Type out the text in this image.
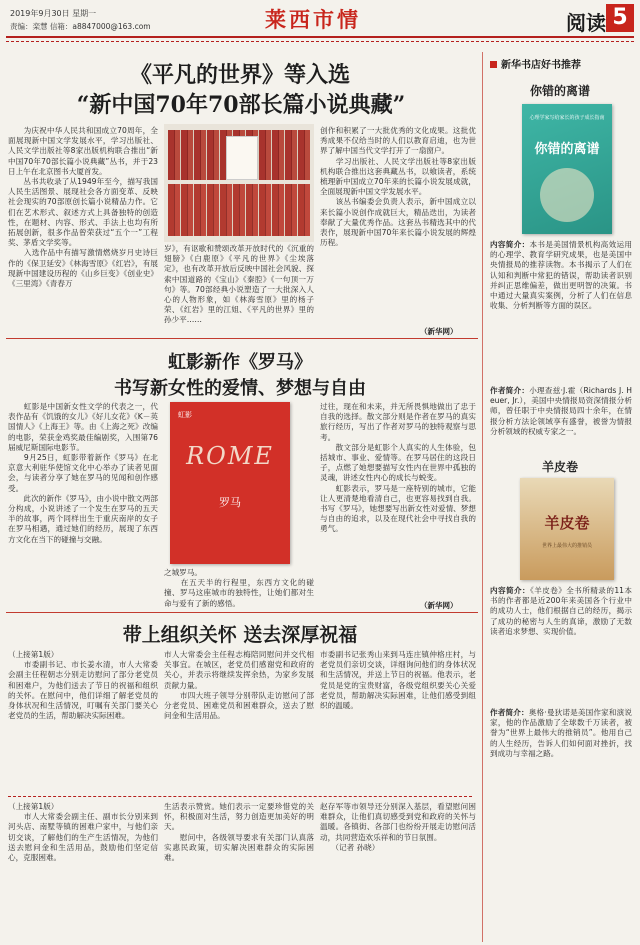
2019年9月30日 星期一
责编：栾慧 信箱：a8847000@163.com	莱西市情	阅读 5
《平凡的世界》等入选
“新中国70年70部长篇小说典藏”
　　为庆祝中华人民共和国成立70周年，全面展现新中国文学发展水平，学习出版社、人民文学出版社等8家出版机构联合推出“新中国70年70部长篇小说典藏”丛书，并于23日上午在北京图书大厦首发。
　　丛书共收录了从1949年至今，描写我国人民生活图景、展现社会各方面变革、反映社会现实的70部原创长篇小说精品力作。它们在艺术形式、叙述方式上具备独特的创造性，在题材、内容、形式、手法上也均有所拓展创新，很多作品曾荣获过“五个一”工程奖、茅盾文学奖等。
　　入选作品中有描写激情燃烧岁月史诗巨作的《保卫延安》《林海雪原》《红岩》，有展现新中国建设历程的《山乡巨变》《创业史》《三里湾》《青春万
岁》，有讴歌和赞颂改革开放时代的《沉重的翅膀》《白鹿原》《平凡的世界》《尘埃落定》，也有改革开放后反映中国社会风貌、探索中国道路的《宝山》《秦腔》《一句顶一万句》等。70部经典小说塑造了一大批深入人心的人物形象，如《林海雪原》里的杨子荣、《红岩》里的江姐、《平凡的世界》里的孙少平……
创作和积累了一大批优秀的文化成果。这批优秀成果不仅给当时的人们以教育启迪，也为世界了解中国当代文学打开了一扇窗户。
　　学习出版社、人民文学出版社等8家出版机构联合推出这套典藏丛书，以飨读者，系统梳理新中国成立70年来的长篇小说发展成就，全面展现新中国文学发展水平。
　　该丛书编委会负责人表示，新中国成立以来长篇小说创作成就巨大，精品迭出，为读者奉献了大量优秀作品。这套丛书精选其中的代表作，展现新中国70年来长篇小说发展的辉煌历程。
（新华网）
虹影新作《罗马》
书写新女性的爱情、梦想与自由
　　虹影是中国新女性文学的代表之一，代表作品有《饥饿的女儿》《好儿女花》《K－英国情人》《上海王》等。由《上海之死》改编的电影，荣获金鸡奖最佳编剧奖，入围第76届威尼斯国际电影节。
　　9月25日，虹影带着新作《罗马》在北京意大利驻华使馆文化中心举办了读者见面会，与读者分享了她在罗马的见闻和创作感受。
　　此次的新作《罗马》，由小说中散文两部分构成，小说讲述了一个发生在罗马的五天半的故事，两个同样出生于重庆南岸的女子在罗马相遇，通过她们的经历，展现了东西方文化在当下的碰撞与交融。
ROME
罗马
虹影
之城罗马。
　　在五天半的行程里，东西方文化的碰撞、罗马这座城市的独特性，让她们都对生命与爱有了新的感悟。
过往，现在和未来，并无所畏惧地做出了忠于自我的选择。散文部分则是作者在罗马的真实旅行经历，写出了作者对罗马的独特观察与思考。
　　散文部分是虹影个人真实的人生体验，包括城市、事业、爱情等。在罗马居住的这段日子，点燃了她想要描写女性内在世界中孤独的灵魂，讲述女性内心的成长与蜕变。
　　虹影表示，罗马是一座特别的城市，它能让人更清楚地看清自己，也更容易找到自我。书写《罗马》，她想要写出新女性对爱情、梦想与自由的追求，以及在现代社会中寻找自我的勇气。
（新华网）
带上组织关怀 送去深厚祝福
（上接第1版）
　　市委副书记、市长姜水清，市人大常委会副主任程朝志分别走访慰问了部分老党员和困难户，为他们送去了节日的祝福和组织的关怀。在慰问中，他们详细了解老党员的身体状况和生活情况，叮嘱有关部门要关心老党员的生活，帮助解决实际困难。
市人大常委会主任程志梅陪同慰问并交代相关事宜。在城区，老党员们感谢党和政府的关心，并表示将继续发挥余热，为家乡发展贡献力量。
　　市四大班子领导分别带队走访慰问了部分老党员、困难党员和困难群众，送去了慰问金和生活用品。
市委副书记张秀山来到马连庄镇仲格庄村，与老党员们亲切交谈，详细询问他们的身体状况和生活情况，并送上节日的祝福。他表示，老党员是党的宝贵财富，各级党组织要关心关爱老党员，帮助解决实际困难，让他们感受到组织的温暖。
（上接第1版）
　　市人大常委会副主任、副市长分别来到河头店、南墅等镇的困难户家中，与他们亲切交谈，了解他们的生产生活情况，为他们送去慰问金和生活用品，鼓励他们坚定信心，克服困难。
生活表示赞赏。她们表示一定要珍惜党的关怀，积极面对生活，努力创造更加美好的明天。
　　慰问中，各级领导要求有关部门认真落实惠民政策，切实解决困难群众的实际困难。
赵存军等市领导还分别深入基层，看望慰问困难群众，让他们真切感受到党和政府的关怀与温暖。各镇街、各部门也纷纷开展走访慰问活动，共同营造欢乐祥和的节日氛围。
　　（记者 孙晓）
新华书店好书推荐
你错的离谱
心理学家写给家长的孩子成长指南
你错的离谱
内容简介：本书是美国情景机构高效运用的心理学、教育学研究成果，也是美国中央情报局的推荐读物。本书揭示了人们在认知和判断中常犯的错误，帮助读者识别并纠正思维偏差，做出更明智的决策。书中通过大量真实案例，分析了人们在信息收集、分析判断等方面的误区。
作者简介：小理查兹·J.霍（Richards J. Heuer, Jr.），美国中央情报局资深情报分析师，曾任职于中央情报局四十余年，在情报分析方法论领域享有盛誉，被誉为情报分析领域的权威专家之一。
羊皮卷
羊皮卷
世界上最伟大的推销员
内容简介：《羊皮卷》全书所精录的11本书的作者都是近200年来美国各个行业中的成功人士，他们根据自己的经历，揭示了成功的秘密与人生的真谛，激励了无数读者追求梦想、实现价值。
作者简介：奥格·曼狄诺是美国作家和演说家，他的作品激励了全球数千万读者，被誉为“世界上最伟大的推销员”。他用自己的人生经历，告诉人们如何面对挫折，找到成功与幸福之路。
